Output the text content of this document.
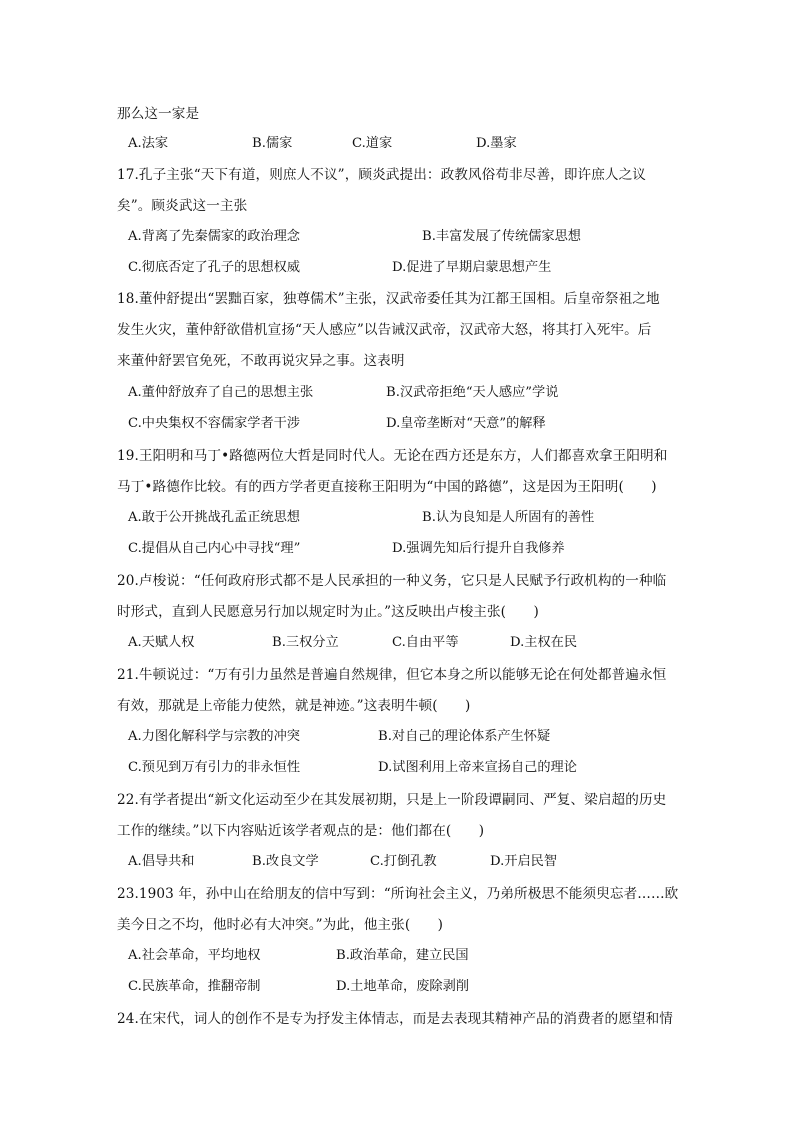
那么这一家是
A.法家	B.儒家	C.道家	D.墨家
17.孔子主张“天下有道，则庶人不议”，顾炎武提出：政教风俗苟非尽善，即许庶人之议
矣”。顾炎武这一主张
A.背离了先秦儒家的政治理念	B.丰富发展了传统儒家思想
C.彻底否定了孔子的思想权威	D.促进了早期启蒙思想产生
18.董仲舒提出“罢黜百家，独尊儒术”主张，汉武帝委任其为江都王国相。后皇帝祭祖之地
发生火灾，董仲舒欲借机宣扬“天人感应”以告诫汉武帝，汉武帝大怒，将其打入死牢。后
来董仲舒罢官免死，不敢再说灾异之事。这表明
A.董仲舒放弃了自己的思想主张	B.汉武帝拒绝“天人感应”学说
C.中央集权不容儒家学者干涉	D.皇帝垄断对“天意”的解释
19.王阳明和马丁•路德两位大哲是同时代人。无论在西方还是东方，人们都喜欢拿王阳明和
马丁•路德作比较。有的西方学者更直接称王阳明为“中国的路德”，这是因为王阳明(　　)
A.敢于公开挑战孔孟正统思想	B.认为良知是人所固有的善性
C.提倡从自己内心中寻找“理”	D.强调先知后行提升自我修养
20.卢梭说：“任何政府形式都不是人民承担的一种义务，它只是人民赋予行政机构的一种临
时形式，直到人民愿意另行加以规定时为止。”这反映出卢梭主张(　　)
A.天赋人权	B.三权分立	C.自由平等	D.主权在民
21.牛顿说过：“万有引力虽然是普遍自然规律，但它本身之所以能够无论在何处都普遍永恒
有效，那就是上帝能力使然，就是神迹。”这表明牛顿(　　)
A.力图化解科学与宗教的冲突	B.对自己的理论体系产生怀疑
C.预见到万有引力的非永恒性	D.试图利用上帝来宣扬自己的理论
22.有学者提出“新文化运动至少在其发展初期，只是上一阶段谭嗣同、严复、梁启超的历史
工作的继续。”以下内容贴近该学者观点的是：他们都在(　　)
A.倡导共和	B.改良文学	C.打倒孔教	D.开启民智
23.1903 年，孙中山在给朋友的信中写到：“所询社会主义，乃弟所极思不能须臾忘者……欧
美今日之不均，他时必有大冲突。”为此，他主张(　　)
A.社会革命，平均地权	B.政治革命，建立民国
C.民族革命，推翻帝制	D.土地革命，废除剥削
24.在宋代，词人的创作不是专为抒发主体情志，而是去表现其精神产品的消费者的愿望和情
